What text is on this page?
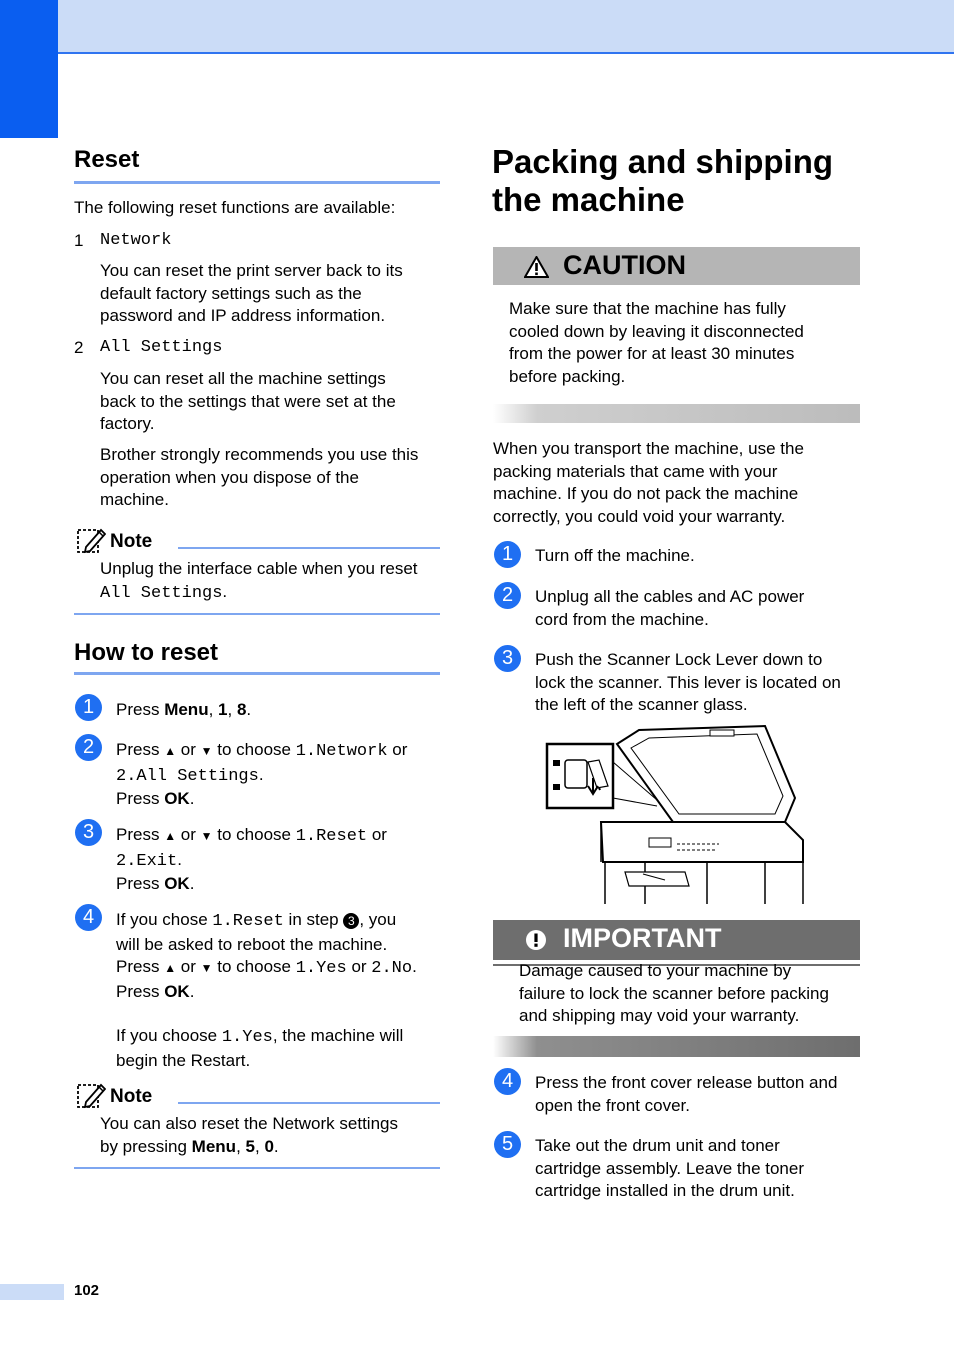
Reset
The following reset functions are available:
1 Network
You can reset the print server back to its
default factory settings such as the
password and IP address information.
2 All Settings
You can reset all the machine settings
back to the settings that were set at the
factory.
Brother strongly recommends you use this
operation when you dispose of the
machine.
Note
Unplug the interface cable when you reset
All Settings.
How to reset
1	Press Menu, 1, 8.
2	Press ▲ or ▼ to choose 1.Network or
2.All Settings.
Press OK.
3	Press ▲ or ▼ to choose 1.Reset or
2.Exit.
Press OK.
4	If you chose 1.Reset in step 3 , you
will be asked to reboot the machine.
Press ▲ or ▼ to choose 1.Yes or 2.No.
Press OK.
If you choose 1.Yes, the machine will
begin the Restart.
Note
You can also reset the Network settings
by pressing Menu, 5, 0.
Packing and shipping
the machine
CAUTION
Make sure that the machine has fully
cooled down by leaving it disconnected
from the power for at least 30 minutes
before packing.
When you transport the machine, use the
packing materials that came with your
machine. If you do not pack the machine
correctly, you could void your warranty.
1	Turn off the machine.
2	Unplug all the cables and AC power
cord from the machine.
3	Push the Scanner Lock Lever down to
lock the scanner. This lever is located on
the left of the scanner glass.
IMPORTANT
Damage caused to your machine by
failure to lock the scanner before packing
and shipping may void your warranty.
4	Press the front cover release button and
open the front cover.
5	Take out the drum unit and toner
cartridge assembly. Leave the toner
cartridge installed in the drum unit.
102
